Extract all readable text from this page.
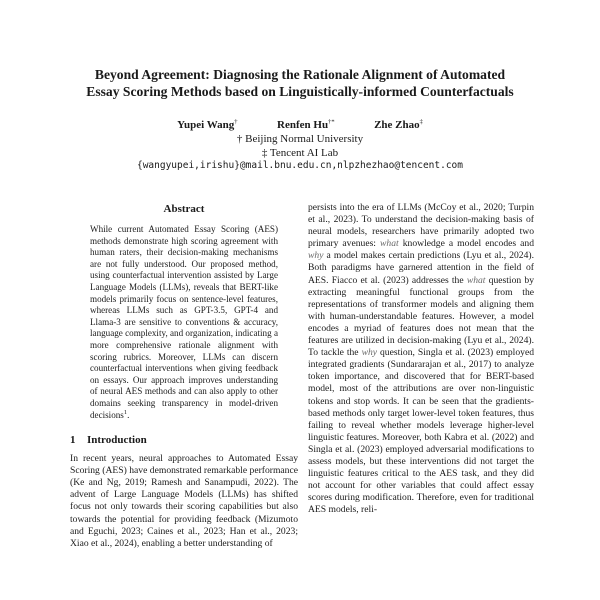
Beyond Agreement: Diagnosing the Rationale Alignment of Automated
Essay Scoring Methods based on Linguistically-informed Counterfactuals
Yupei Wang†	Renfen Hu†*	Zhe Zhao‡
† Beijing Normal University
‡ Tencent AI Lab
{wangyupei,irishu}@mail.bnu.edu.cn,nlpzhezhao@tencent.com
Abstract
While current Automated Essay Scoring (AES) methods demonstrate high scoring agreement with human raters, their decision-making mechanisms are not fully understood. Our proposed method, using counterfactual intervention assisted by Large Language Models (LLMs), reveals that BERT-like models primarily focus on sentence-level features, whereas LLMs such as GPT-3.5, GPT-4 and Llama-3 are sensitive to conventions & accuracy, language complexity, and organization, indicating a more comprehensive rationale alignment with scoring rubrics. Moreover, LLMs can discern counterfactual interventions when giving feedback on essays. Our approach improves understanding of neural AES methods and can also apply to other domains seeking transparency in model-driven decisions$^1$.
1 Introduction

In recent years, neural approaches to Automated Essay Scoring (AES) have demonstrated remarkable performance (Ke and Ng, 2019; Ramesh and Sanampudi, 2022). The advent of Large Language Models (LLMs) has shifted focus not only towards their scoring capabilities but also towards the potential for providing feedback (Mizumoto and Eguchi, 2023; Caines et al., 2023; Han et al., 2023; Xiao et al., 2024), enabling a better understanding of

persists into the era of LLMs (McCoy et al., 2020; Turpin et al., 2023). To understand the decision-making basis of neural models, researchers have primarily adopted two primary avenues: what knowledge a model encodes and why a model makes certain predictions (Lyu et al., 2024). Both paradigms have garnered attention in the field of AES. Fiacco et al. (2023) addresses the what question by extracting meaningful functional groups from the representations of transformer models and aligning them with human-understandable features. However, a model encodes a myriad of features does not mean that the features are utilized in decision-making (Lyu et al., 2024). To tackle the why question, Singla et al. (2023) employed integrated gradients (Sundararajan et al., 2017) to analyze token importance, and discovered that for BERT-based model, most of the attributions are over non-linguistic tokens and stop words. It can be seen that the gradients-based methods only target lower-level token features, thus failing to reveal whether models leverage higher-level linguistic features. Moreover, both Kabra et al. (2022) and Singla et al. (2023) employed adversarial modifications to assess models, but these interventions did not target the linguistic features critical to the AES task, and they did not account for other variables that could affect essay scores during modification. Therefore, even for traditional AES models, reli-
